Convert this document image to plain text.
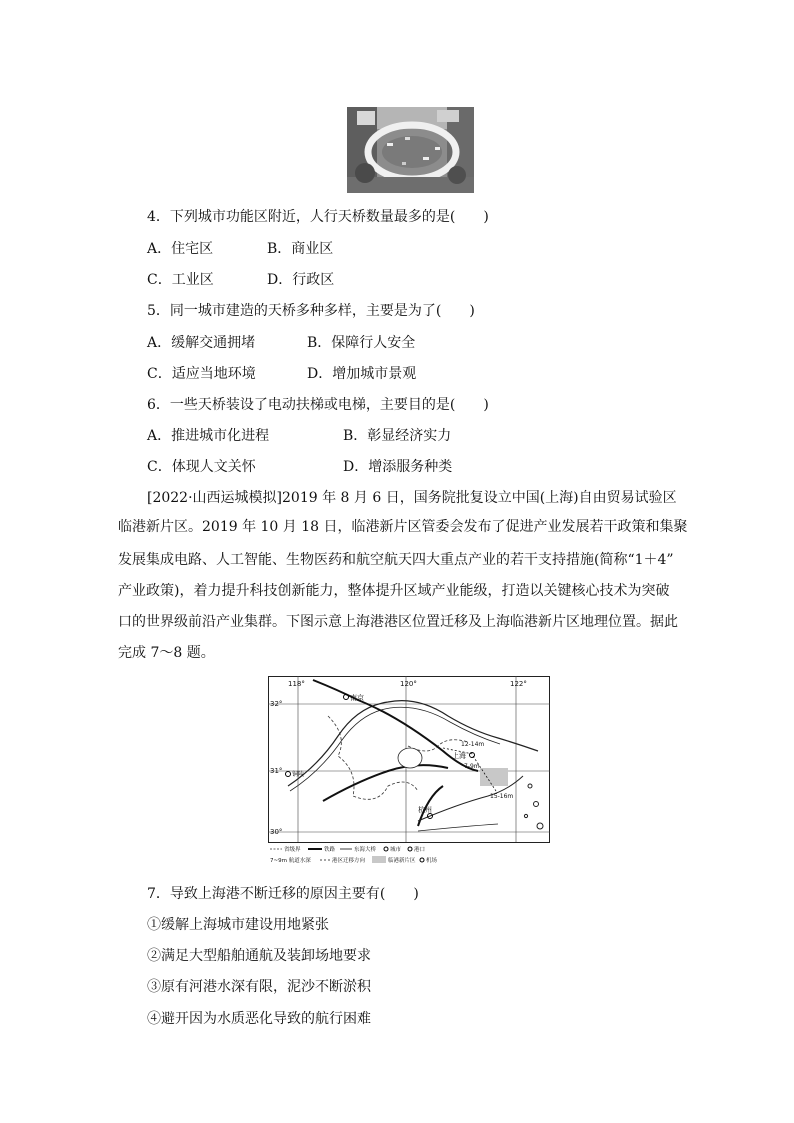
4．下列城市功能区附近，人行天桥数量最多的是(　　)
A．住宅区	B．商业区
C．工业区	D．行政区
5．同一城市建造的天桥多种多样，主要是为了(　　)
A．缓解交通拥堵	B．保障行人安全
C．适应当地环境	D．增加城市景观
6．一些天桥装设了电动扶梯或电梯，主要目的是(　　)
A．推进城市化进程	B．彰显经济实力
C．体现人文关怀	D．增添服务种类
[2022·山西运城模拟]2019 年 8 月 6 日，国务院批复设立中国(上海)自由贸易试验区
临港新片区。2019 年 10 月 18 日，临港新片区管委会发布了促进产业发展若干政策和集聚
发展集成电路、人工智能、生物医药和航空航天四大重点产业的若干支持措施(简称“1＋4”
产业政策)，着力提升科技创新能力，整体提升区域产业能级，打造以关键核心技术为突破
口的世界级前沿产业集群。下图示意上海港港区位置迁移及上海临港新片区地理位置。据此
完成 7～8 题。
118°	120°	122°
32°
31°
30°
南京
上海
杭州
铜陵
12-14m
7-9m
15-16m
省级界	铁路	东海大桥	城市 港口
7~9m 航道水深	港区迁移方向	临港新片区 机场
7．导致上海港不断迁移的原因主要有(　　)
①缓解上海城市建设用地紧张
②满足大型船舶通航及装卸场地要求
③原有河港水深有限，泥沙不断淤积
④避开因为水质恶化导致的航行困难
